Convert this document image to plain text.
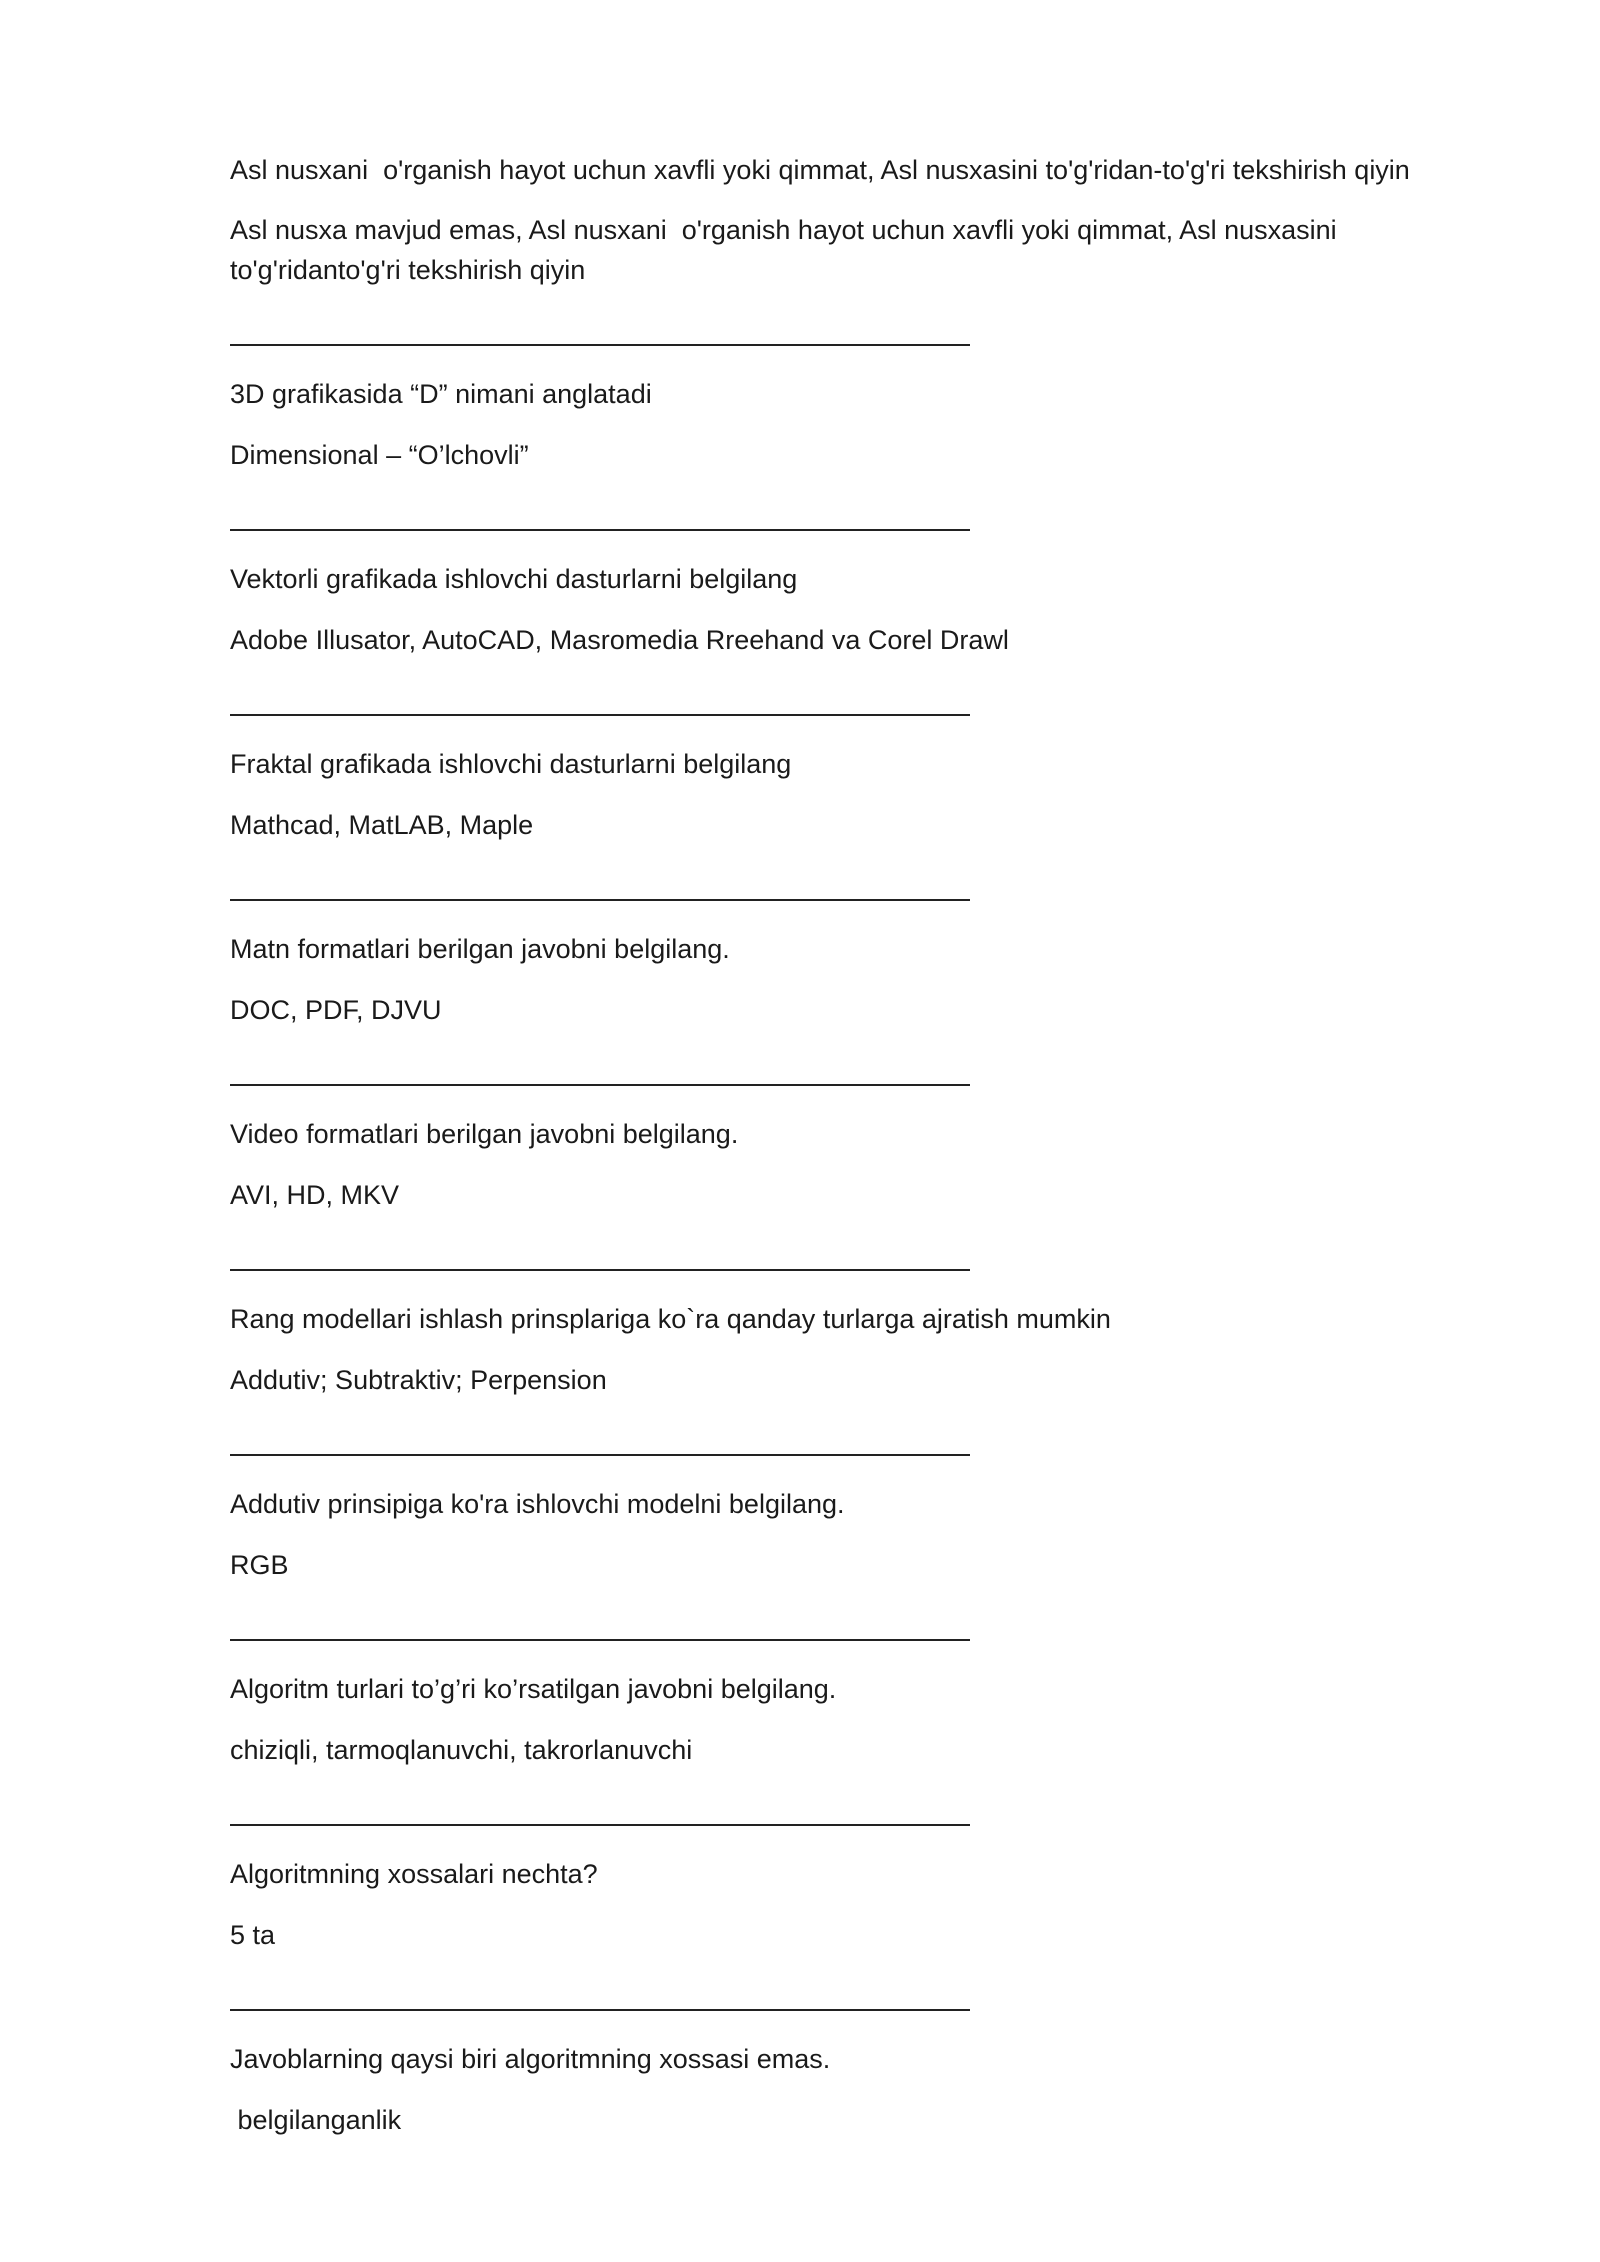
Asl nusxani  o'rganish hayot uchun xavfli yoki qimmat, Asl nusxasini to'g'ridan-to'g'ri tekshirish qiyin

Asl nusxa mavjud emas, Asl nusxani  o'rganish hayot uchun xavfli yoki qimmat, Asl nusxasini
to'g'ridanto'g'ri tekshirish qiyin

3D grafikasida “D” nimani anglatadi

Dimensional – “O’lchovli”

Vektorli grafikada ishlovchi dasturlarni belgilang

Adobe Illusator, AutoCAD, Masromedia Rreehand va Corel Drawl

Fraktal grafikada ishlovchi dasturlarni belgilang

Mathcad, MatLAB, Maple

Matn formatlari berilgan javobni belgilang.

DOC, PDF, DJVU

Video formatlari berilgan javobni belgilang.

AVI, HD, MKV

Rang modellari ishlash prinsplariga ko`ra qanday turlarga ajratish mumkin

Addutiv; Subtraktiv; Perpension

Addutiv prinsipiga ko'ra ishlovchi modelni belgilang.

RGB

Algoritm turlari to’g’ri ko’rsatilgan javobni belgilang.

chiziqli, tarmoqlanuvchi, takrorlanuvchi

Algoritmning xossalari nechta?

5 ta

Javoblarning qaysi biri algoritmning xossasi emas.

belgilanganlik
